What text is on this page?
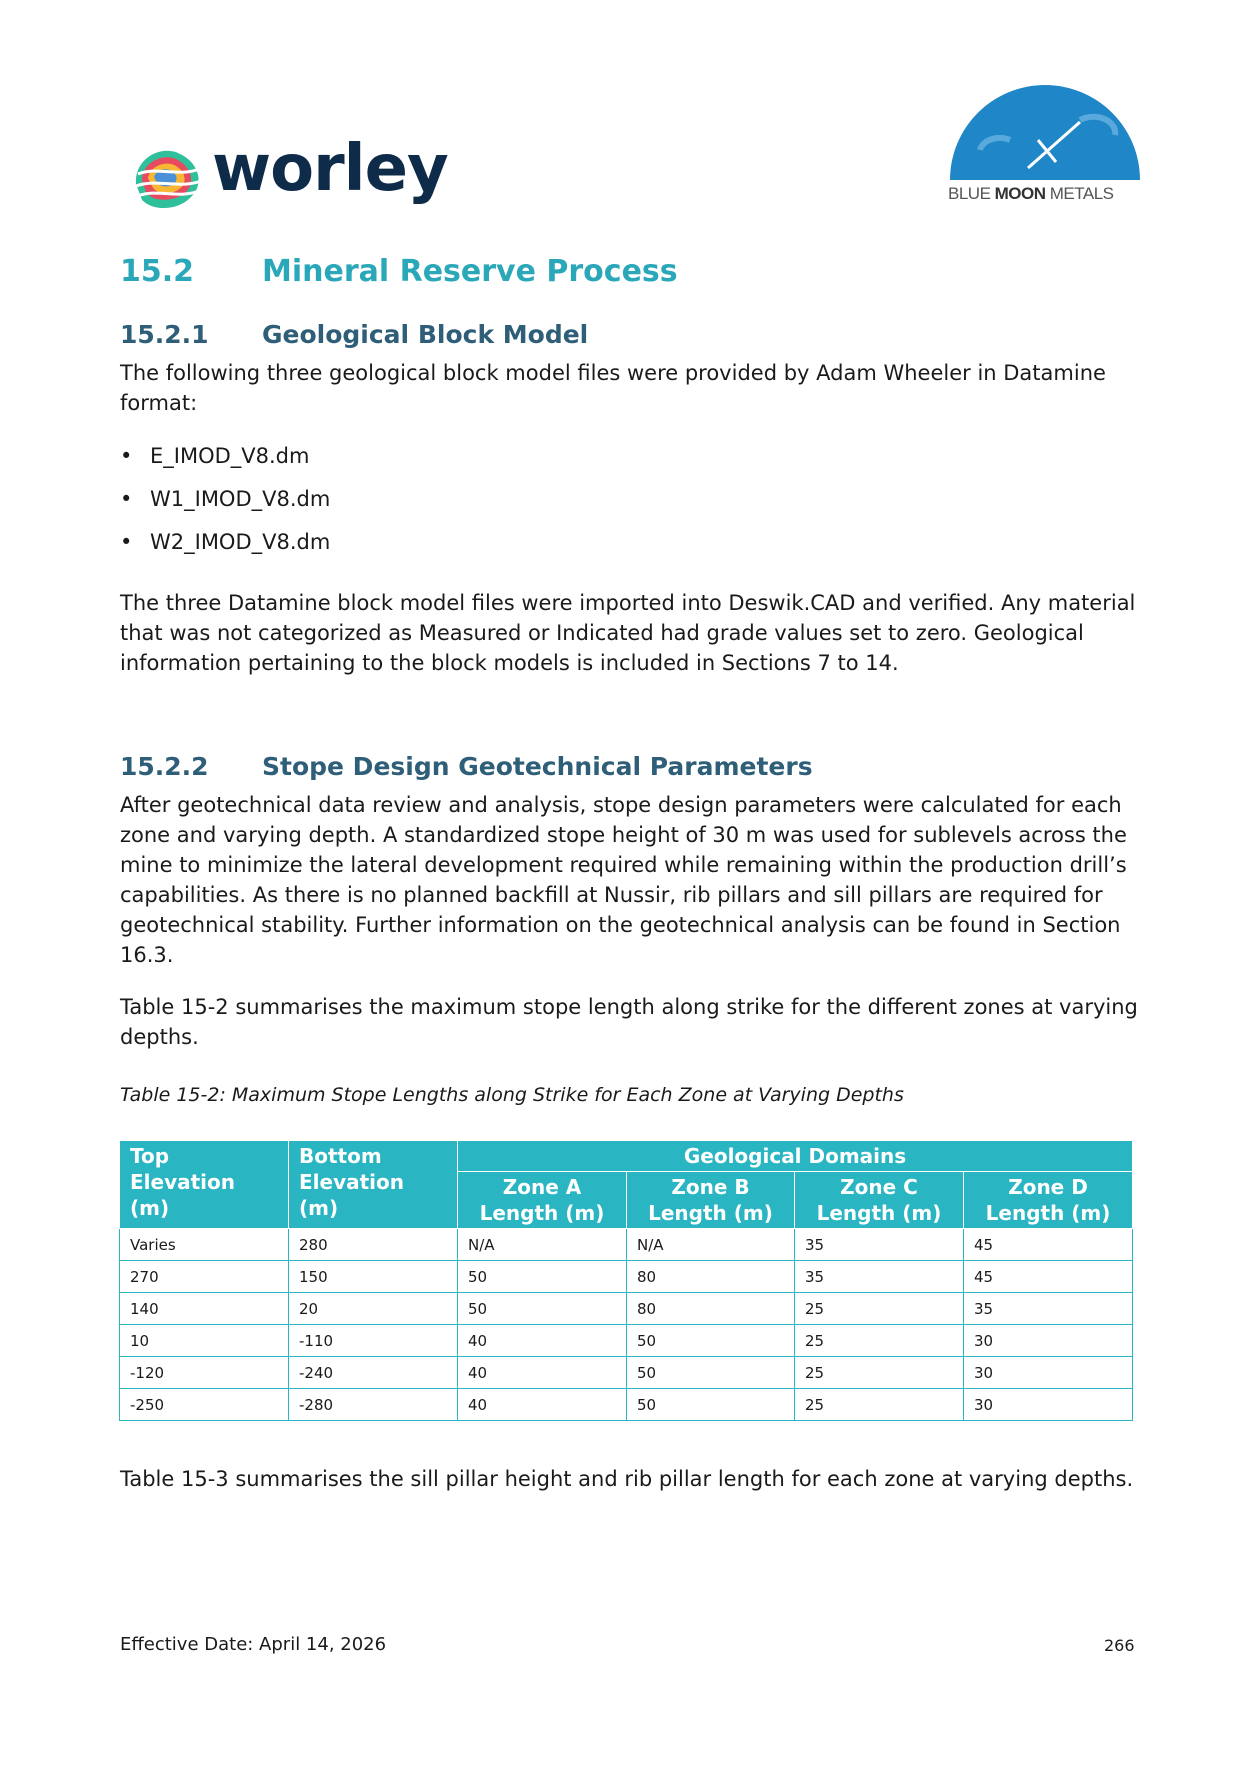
worley	BLUE MOON METALS
15.2 Mineral Reserve Process
15.2.1 Geological Block Model
The following three geological block model files were provided by Adam Wheeler in Datamine format:
• E_IMOD_V8.dm
• W1_IMOD_V8.dm
• W2_IMOD_V8.dm
The three Datamine block model files were imported into Deswik.CAD and verified. Any material that was not categorized as Measured or Indicated had grade values set to zero. Geological information pertaining to the block models is included in Sections 7 to 14.
15.2.2 Stope Design Geotechnical Parameters
After geotechnical data review and analysis, stope design parameters were calculated for each zone and varying depth. A standardized stope height of 30 m was used for sublevels across the mine to minimize the lateral development required while remaining within the production drill’s capabilities. As there is no planned backfill at Nussir, rib pillars and sill pillars are required for geotechnical stability. Further information on the geotechnical analysis can be found in Section 16.3.
Table 15-2 summarises the maximum stope length along strike for the different zones at varying depths.
Table 15-2: Maximum Stope Lengths along Strike for Each Zone at Varying Depths
Top Elevation (m)	Bottom Elevation (m)	Geological Domains			
		Zone A Length (m)	Zone B Length (m)	Zone C Length (m)	Zone D Length (m)
Varies	280	N/A	N/A	35	45
270	150	50	80	35	45
140	20	50	80	25	35
10	-110	40	50	25	30
-120	-240	40	50	25	30
-250	-280	40	50	25	30
Table 15-3 summarises the sill pillar height and rib pillar length for each zone at varying depths.
Effective Date: April 14, 2026	266
